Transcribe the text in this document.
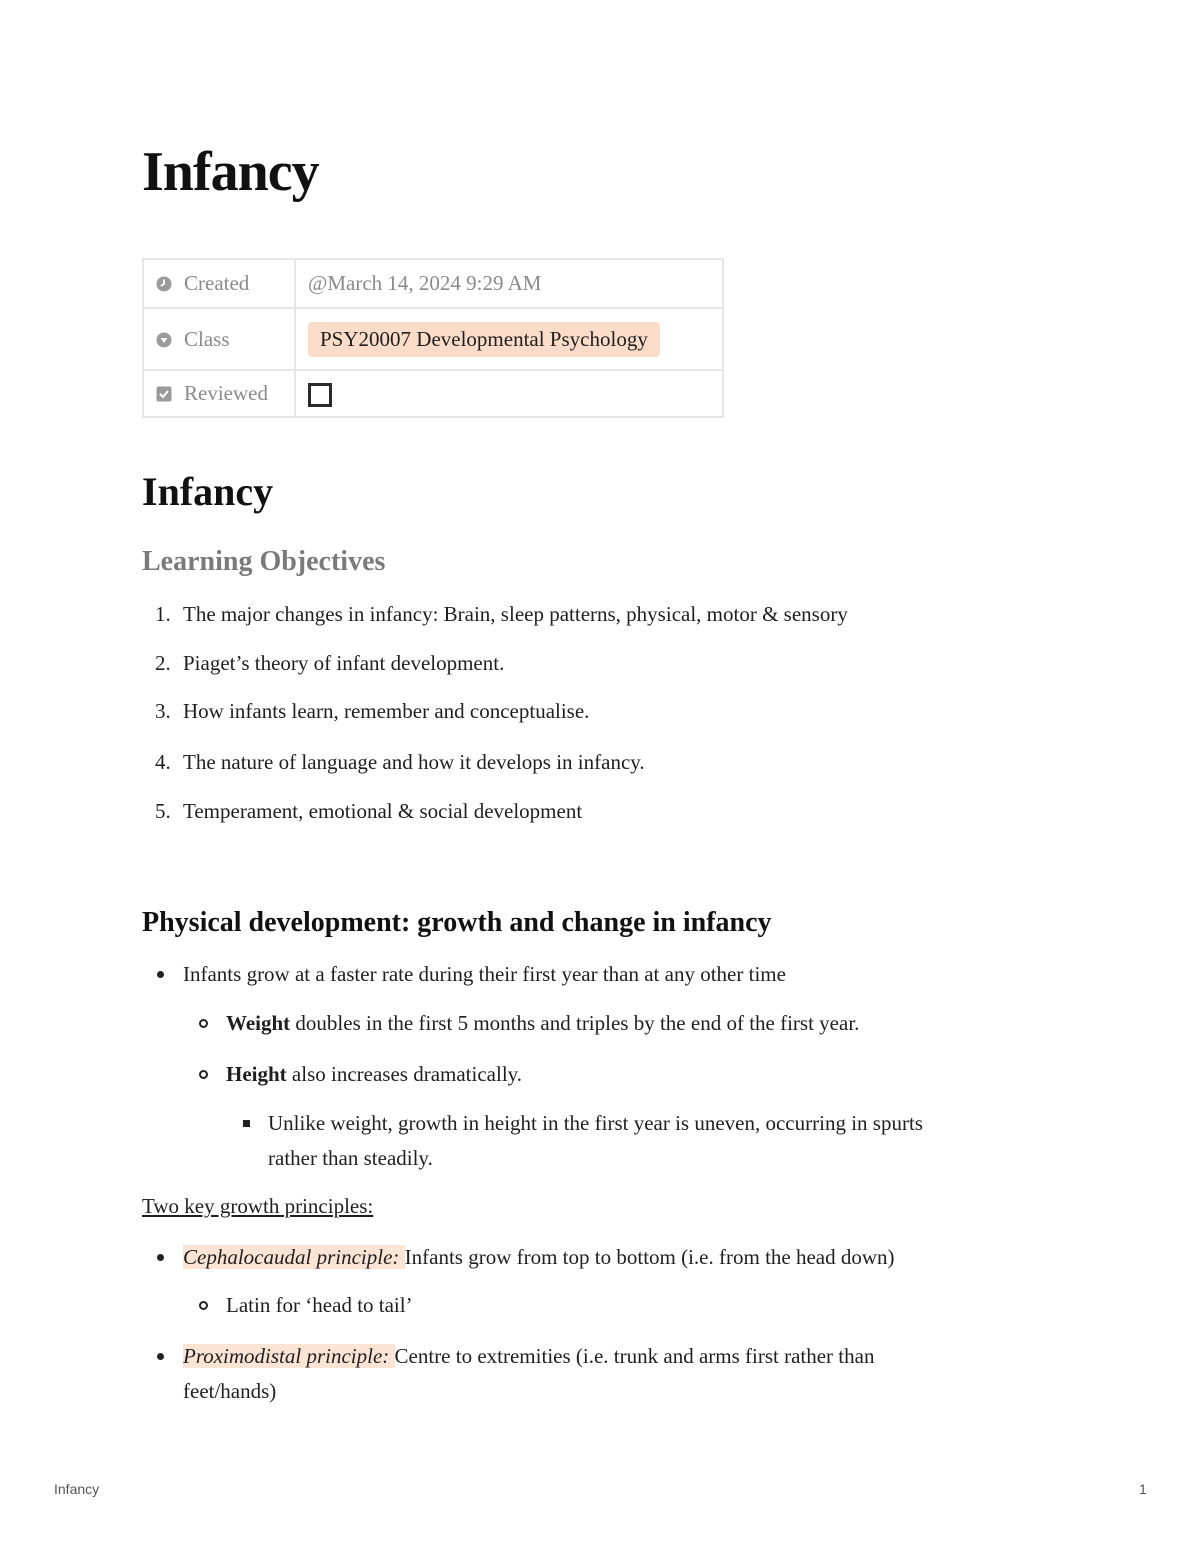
Infancy
Created	@March 14, 2024 9:29 AM
Class	PSY20007 Developmental Psychology
Reviewed	
Infancy
Learning Objectives
1. The major changes in infancy: Brain, sleep patterns, physical, motor & sensory
2. Piaget’s theory of infant development.
3. How infants learn, remember and conceptualise.
4. The nature of language and how it develops in infancy.
5. Temperament, emotional & social development
Physical development: growth and change in infancy
Infants grow at a faster rate during their first year than at any other time
Weight doubles in the first 5 months and triples by the end of the first year.
Height also increases dramatically.
Unlike weight, growth in height in the first year is uneven, occurring in spurts
rather than steadily.
Two key growth principles:
Cephalocaudal principle: Infants grow from top to bottom (i.e. from the head down)
Latin for ‘head to tail’
Proximodistal principle: Centre to extremities (i.e. trunk and arms first rather than
feet/hands)
Infancy	1
